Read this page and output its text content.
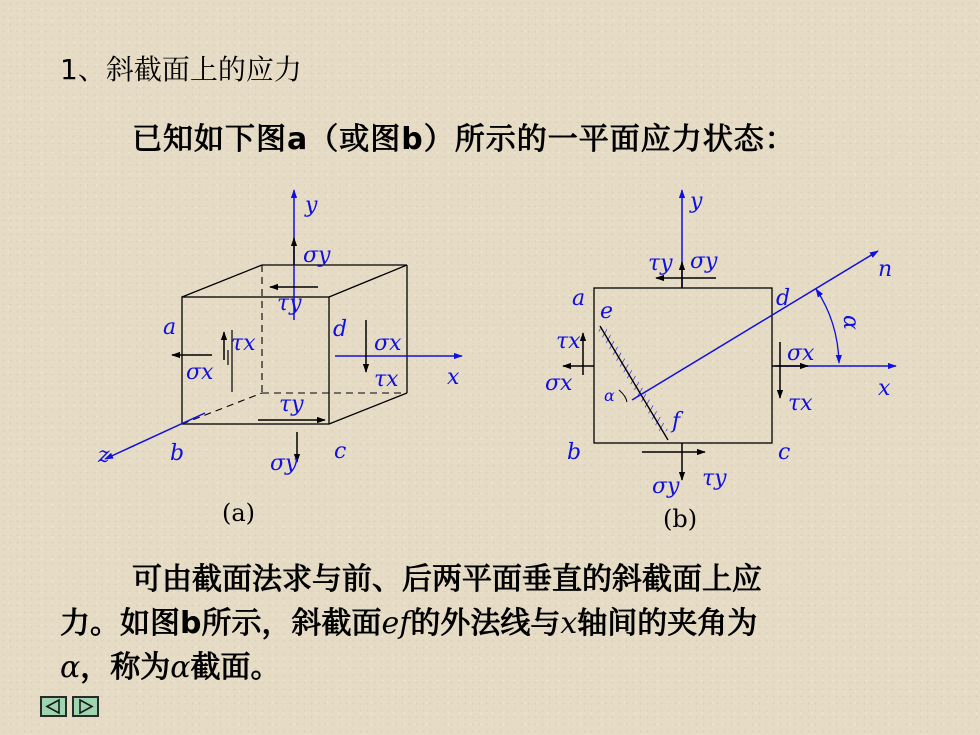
1、斜截面上的应力
已知如下图a（或图b）所示的一平面应力状态：
y
x
z
a
b	c
d
σy
τy
τx
σx
σx
τx
τy
σy
(a)
y
x
n
α
α
a
b	c
d
e
f
τy σy
τx
σx
σx
τx
σy τy
(b)
可由截面法求与前、后两平面垂直的斜截面上应
力。如图b所示，斜截面ef的外法线与x轴间的夹角为
α，称为α截面。
